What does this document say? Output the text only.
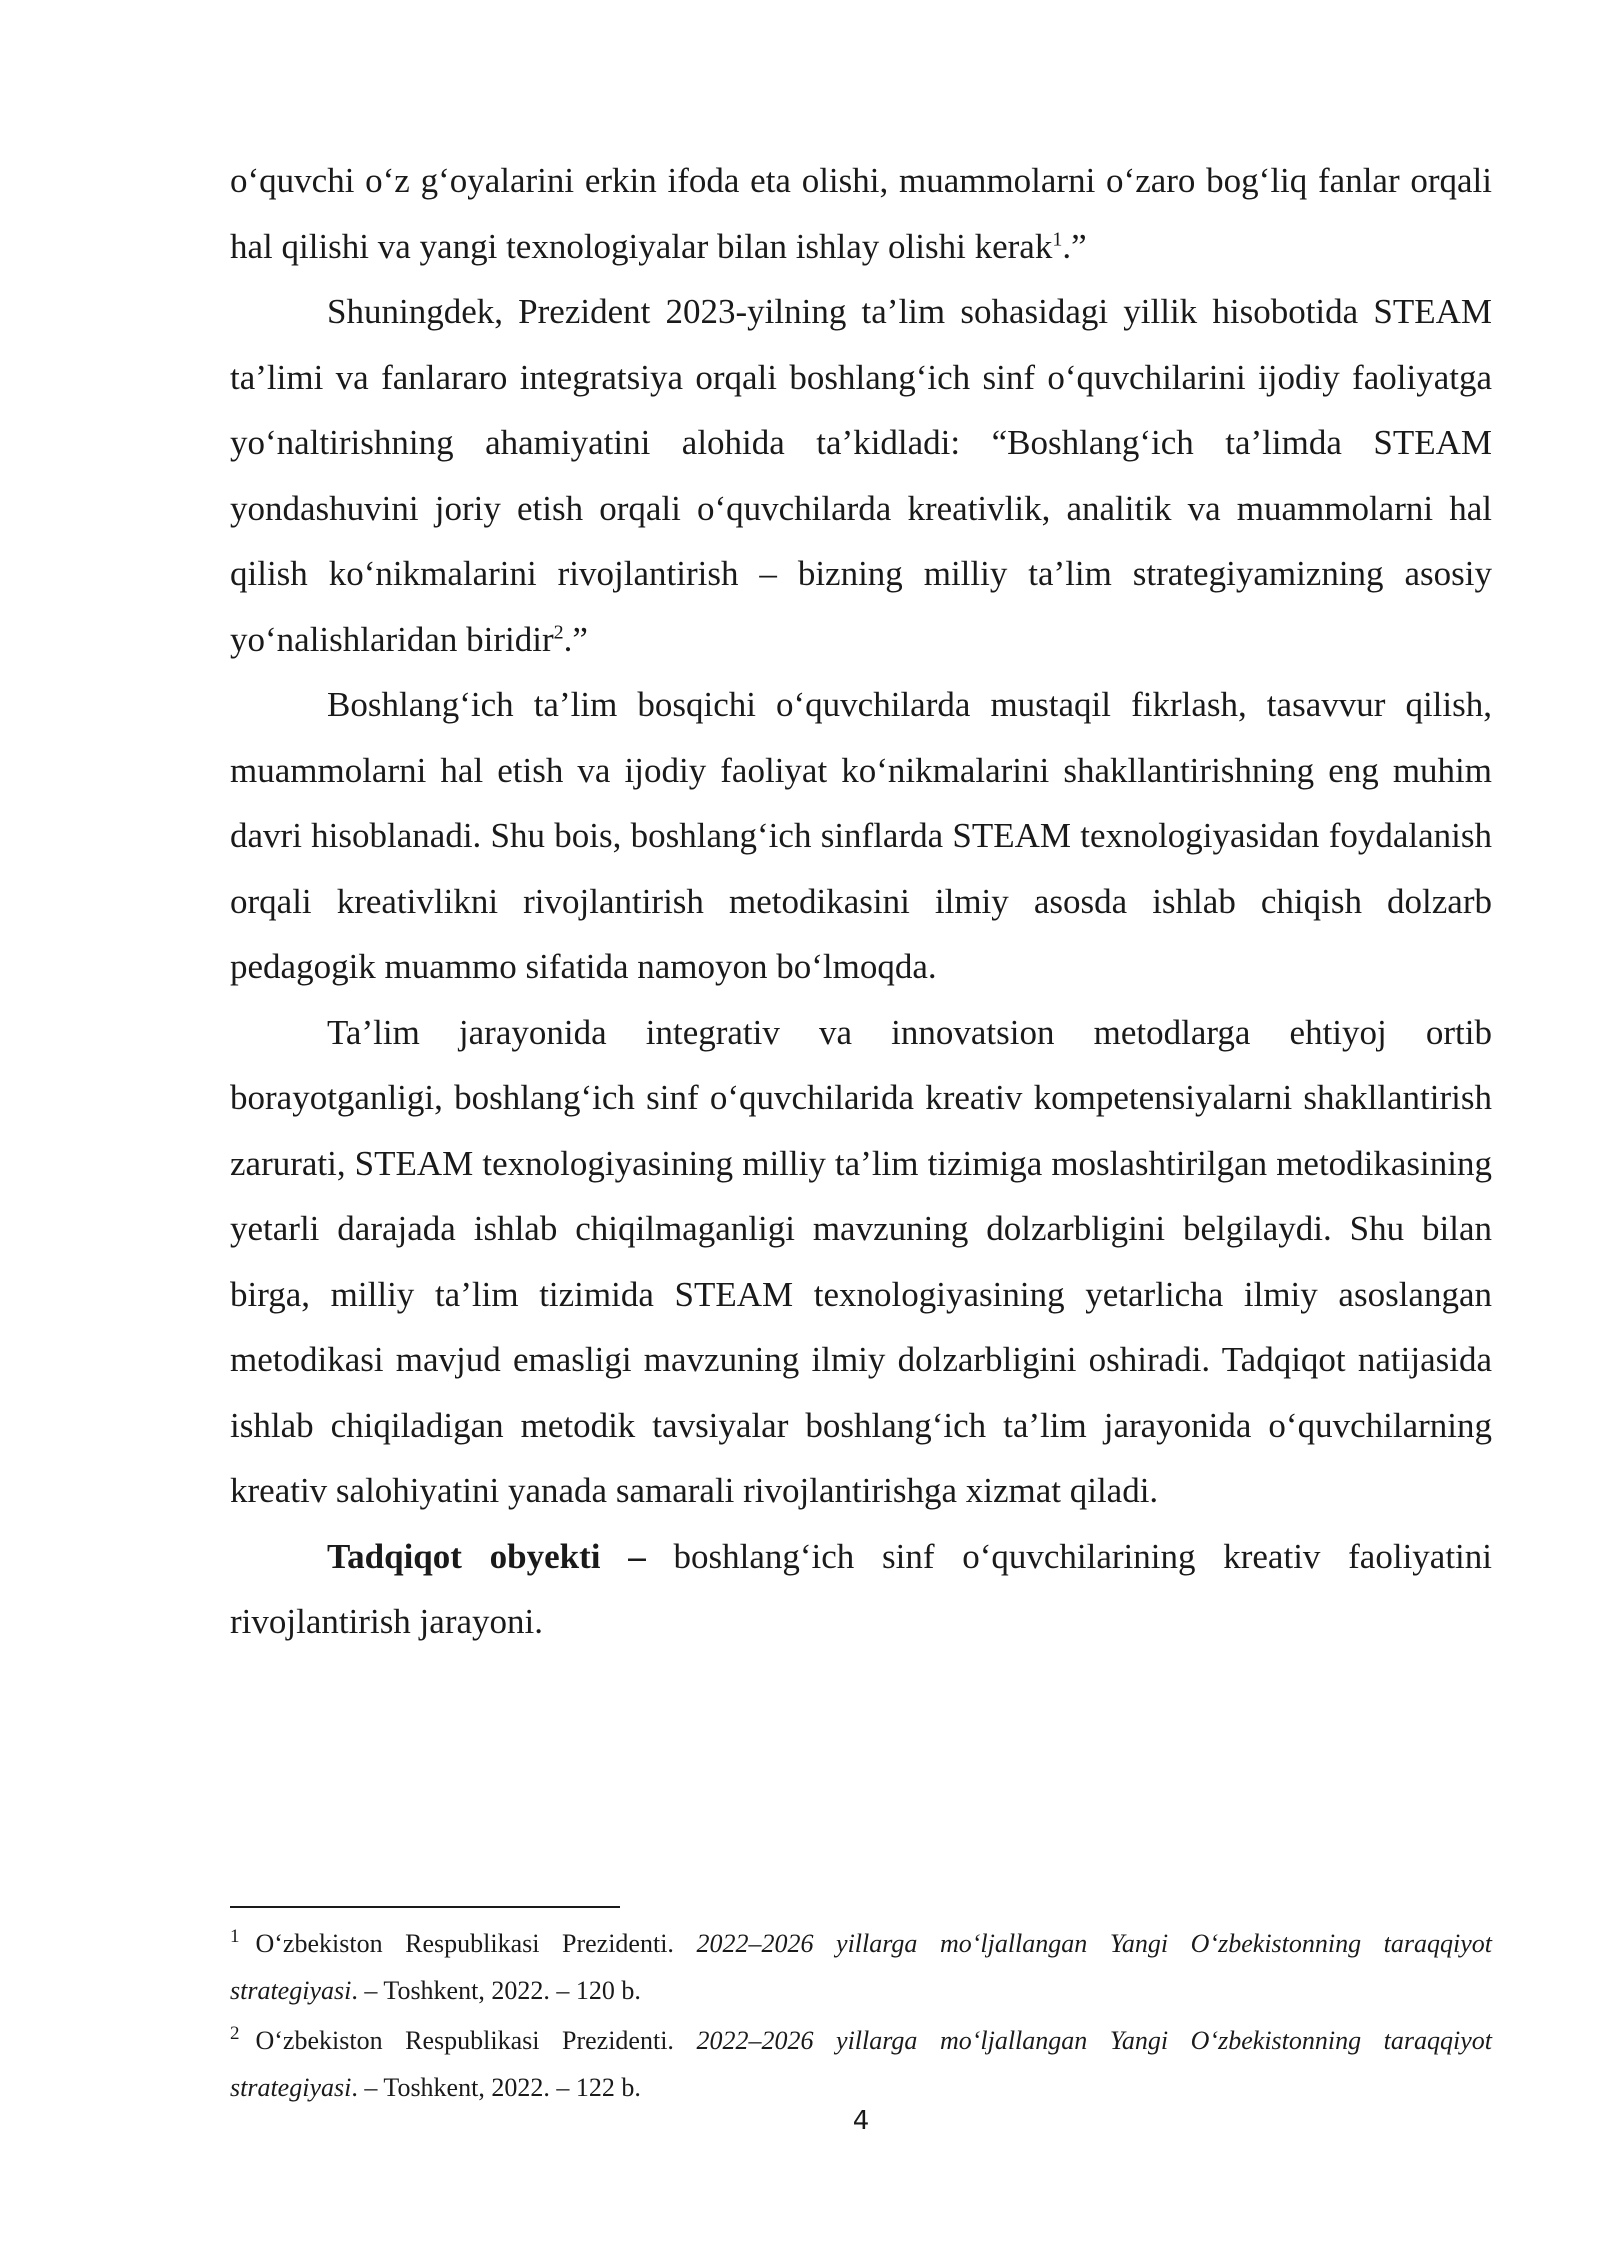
o‘quvchi o‘z g‘oyalarini erkin ifoda eta olishi, muammolarni o‘zaro bog‘liq fanlar orqali hal qilishi va yangi texnologiyalar bilan ishlay olishi kerak$^1$.”

Shuningdek, Prezident 2023-yilning ta’lim sohasidagi yillik hisobotida STEAM ta’limi va fanlararo integratsiya orqali boshlang‘ich sinf o‘quvchilarini ijodiy faoliyatga yo‘naltirishning ahamiyatini alohida ta’kidladi: “Boshlang‘ich ta’limda STEAM yondashuvini joriy etish orqali o‘quvchilarda kreativlik, analitik va muammolarni hal qilish ko‘nikmalarini rivojlantirish – bizning milliy ta’lim strategiyamizning asosiy yo‘nalishlaridan biridir$^2$.”

Boshlang‘ich ta’lim bosqichi o‘quvchilarda mustaqil fikrlash, tasavvur qilish, muammolarni hal etish va ijodiy faoliyat ko‘nikmalarini shakllantirishning eng muhim davri hisoblanadi. Shu bois, boshlang‘ich sinflarda STEAM texnologiyasidan foydalanish orqali kreativlikni rivojlantirish metodikasini ilmiy asosda ishlab chiqish dolzarb pedagogik muammo sifatida namoyon bo‘lmoqda.

Ta’lim jarayonida integrativ va innovatsion metodlarga ehtiyoj ortib borayotganligi, boshlang‘ich sinf o‘quvchilarida kreativ kompetensiyalarni shakllantirish zarurati, STEAM texnologiyasining milliy ta’lim tizimiga moslashtirilgan metodikasining yetarli darajada ishlab chiqilmaganligi mavzuning dolzarbligini belgilaydi. Shu bilan birga, milliy ta’lim tizimida STEAM texnologiyasining yetarlicha ilmiy asoslangan metodikasi mavjud emasligi mavzuning ilmiy dolzarbligini oshiradi. Tadqiqot natijasida ishlab chiqiladigan metodik tavsiyalar boshlang‘ich ta’lim jarayonida o‘quvchilarning kreativ salohiyatini yanada samarali rivojlantirishga xizmat qiladi.

Tadqiqot obyekti – boshlang‘ich sinf o‘quvchilarining kreativ faoliyatini rivojlantirish jarayoni.

$^1$ O‘zbekiston Respublikasi Prezidenti. 2022–2026 yillarga mo‘ljallangan Yangi O‘zbekistonning taraqqiyot strategiyasi. – Toshkent, 2022. – 120 b.

$^2$ O‘zbekiston Respublikasi Prezidenti. 2022–2026 yillarga mo‘ljallangan Yangi O‘zbekistonning taraqqiyot strategiyasi. – Toshkent, 2022. – 122 b.

4
